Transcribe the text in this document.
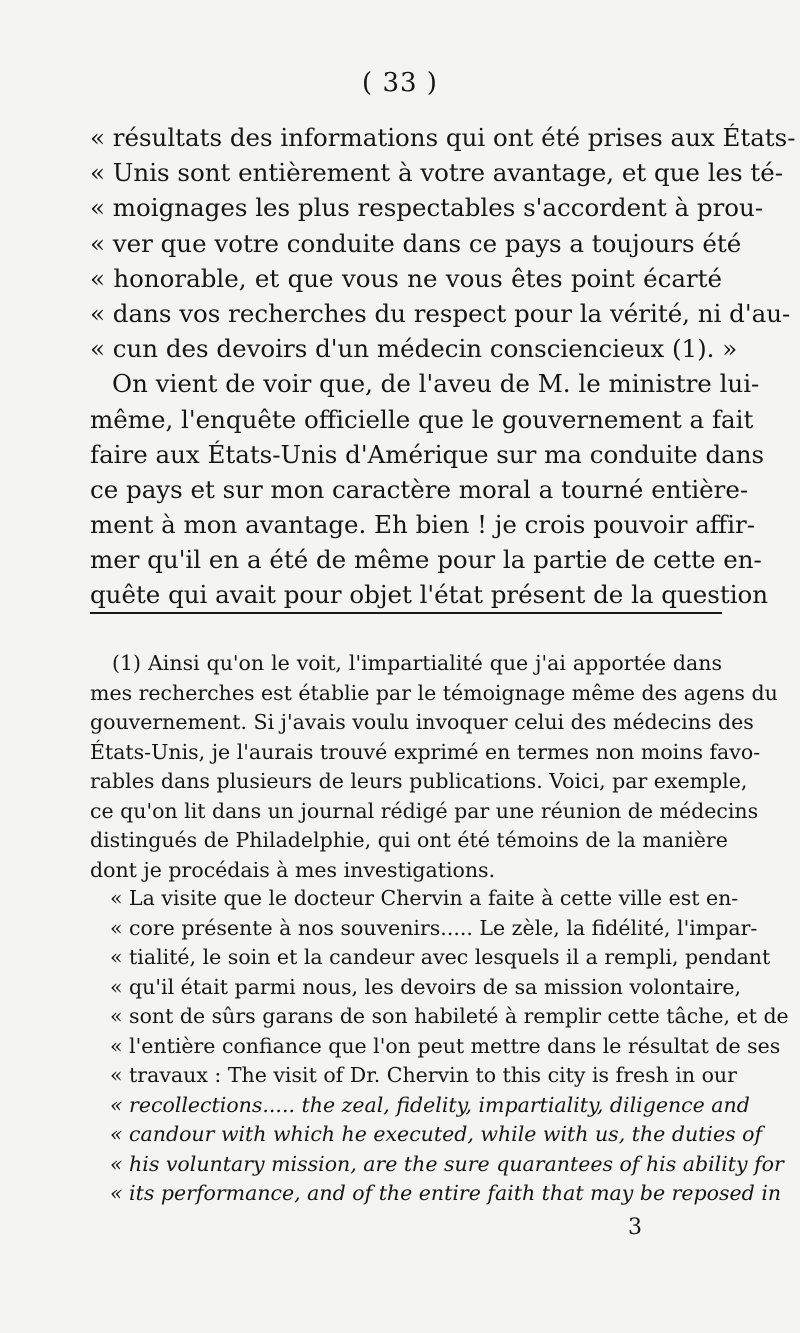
( 33 )
« résultats des informations qui ont été prises aux États-
« Unis sont entièrement à votre avantage, et que les té-
« moignages les plus respectables s'accordent à prou-
« ver que votre conduite dans ce pays a toujours été
« honorable, et que vous ne vous êtes point écarté
« dans vos recherches du respect pour la vérité, ni d'au-
« cun des devoirs d'un médecin consciencieux (1). »
On vient de voir que, de l'aveu de M. le ministre lui-
même, l'enquête officielle que le gouvernement a fait
faire aux États-Unis d'Amérique sur ma conduite dans
ce pays et sur mon caractère moral a tourné entière-
ment à mon avantage. Eh bien ! je crois pouvoir affir-
mer qu'il en a été de même pour la partie de cette en-
quête qui avait pour objet l'état présent de la question
(1) Ainsi qu'on le voit, l'impartialité que j'ai apportée dans
mes recherches est établie par le témoignage même des agens du
gouvernement. Si j'avais voulu invoquer celui des médecins des
États-Unis, je l'aurais trouvé exprimé en termes non moins favo-
rables dans plusieurs de leurs publications. Voici, par exemple,
ce qu'on lit dans un journal rédigé par une réunion de médecins
distingués de Philadelphie, qui ont été témoins de la manière
dont je procédais à mes investigations.
« La visite que le docteur Chervin a faite à cette ville est en-
« core présente à nos souvenirs..... Le zèle, la fidélité, l'impar-
« tialité, le soin et la candeur avec lesquels il a rempli, pendant
« qu'il était parmi nous, les devoirs de sa mission volontaire,
« sont de sûrs garans de son habileté à remplir cette tâche, et de
« l'entière confiance que l'on peut mettre dans le résultat de ses
« travaux : The visit of Dr. Chervin to this city is fresh in our
« recollections..... the zeal, fidelity, impartiality, diligence and
« candour with which he executed, while with us, the duties of
« his voluntary mission, are the sure quarantees of his ability for
« its performance, and of the entire faith that may be reposed in
3
